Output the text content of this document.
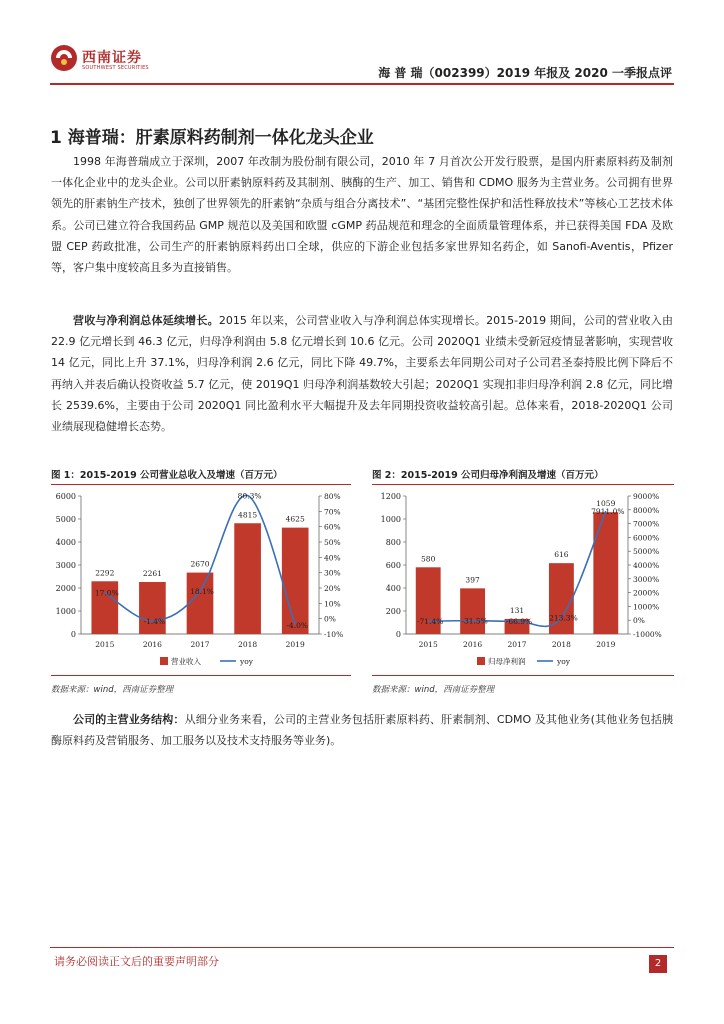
西南证券
SOUTHWEST SECURITIES	海 普 瑞（002399）2019 年报及 2020 一季报点评
1 海普瑞：肝素原料药制剂一体化龙头企业

1998 年海普瑞成立于深圳，2007 年改制为股份制有限公司，2010 年 7 月首次公开发行股票，是国内肝素原料药及制剂一体化企业中的龙头企业。公司以肝素钠原料药及其制剂、胰酶的生产、加工、销售和 CDMO 服务为主营业务。公司拥有世界领先的肝素钠生产技术，独创了世界领先的肝素钠“杂质与组合分离技术”、“基团完整性保护和活性释放技术”等核心工艺技术体系。公司已建立符合我国药品 GMP 规范以及美国和欧盟 cGMP 药品规范和理念的全面质量管理体系，并已获得美国 FDA 及欧盟 CEP 药政批准，公司生产的肝素钠原料药出口全球，供应的下游企业包括多家世界知名药企，如 Sanofi-Aventis，Pfizer 等，客户集中度较高且多为直接销售。

营收与净利润总体延续增长。2015 年以来，公司营业收入与净利润总体实现增长。2015-2019 期间，公司的营业收入由 22.9 亿元增长到 46.3 亿元，归母净利润由 5.8 亿元增长到 10.6 亿元。公司 2020Q1 业绩未受新冠疫情显著影响，实现营收 14 亿元，同比上升 37.1%，归母净利润 2.6 亿元，同比下降 49.7%，主要系去年同期公司对子公司君圣泰持股比例下降后不再纳入并表后确认投资收益 5.7 亿元，使 2019Q1 归母净利润基数较大引起；2020Q1 实现扣非归母净利润 2.8 亿元，同比增长 2539.6%，主要由于公司 2020Q1 同比盈利水平大幅提升及去年同期投资收益较高引起。总体来看，2018-2020Q1 公司业绩展现稳健增长态势。

图 1：2015-2019 公司营业总收入及增速（百万元）	图 2：2015-2019 公司归母净利润及增速（百万元）
0
1000
2000
3000
4000
5000
6000
-10%
0%
10%
20%
30%
40%
50%
60%
70%
80%
2292	2261
2670
4815	4625
2015	2016	2017	2018	2019
17.0%
-1.4%
18.1%
80.3%
-4.0%
营业收入	yoy
0
200
400
600
800
1000
1200
-1000%
0%
1000%
2000%
3000%
4000%
5000%
6000%
7000%
8000%
9000%
580
397
131
616
1059
2015	2016	2017	2018	2019
-71.4% -31.5% -66.9% 213.3%
7911.0%
归母净利润	yoy
数据来源：wind，西南证券整理	数据来源：wind，西南证券整理

公司的主营业务结构：从细分业务来看，公司的主营业务包括肝素原料药、肝素制剂、CDMO 及其他业务(其他业务包括胰酶原料药及营销服务、加工服务以及技术支持服务等业务)。

请务必阅读正文后的重要声明部分	2
